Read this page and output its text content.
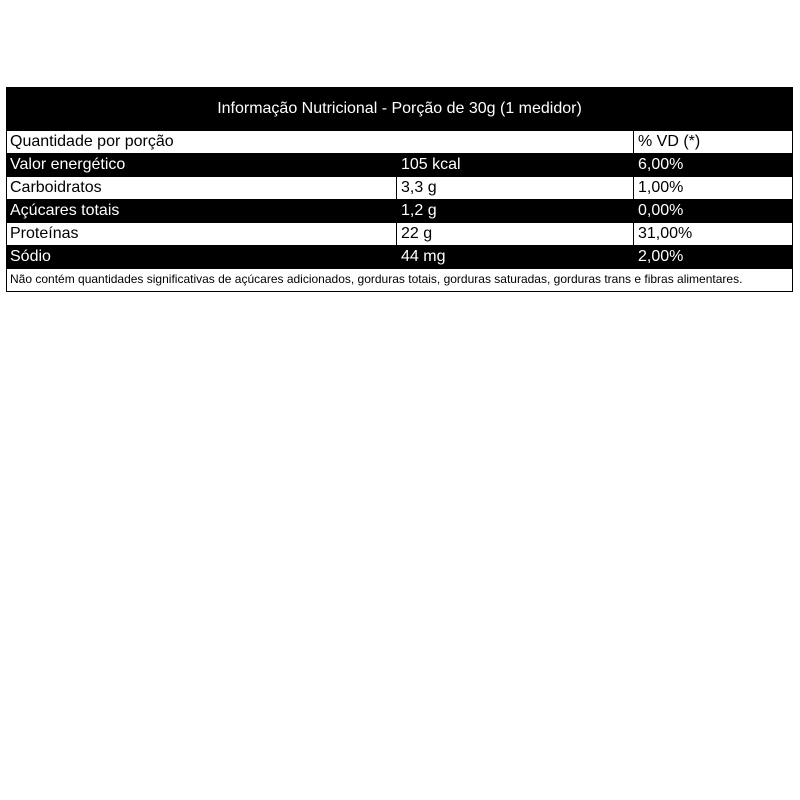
Informação Nutricional - Porção de 30g (1 medidor)
Quantidade por porção	% VD (*)
Valor energético	105 kcal	6,00%
Carboidratos	3,3 g	1,00%
Açúcares totais	1,2 g	0,00%
Proteínas	22 g	31,00%
Sódio	44 mg	2,00%
Não contém quantidades significativas de açúcares adicionados, gorduras totais, gorduras saturadas, gorduras trans e fibras alimentares.
